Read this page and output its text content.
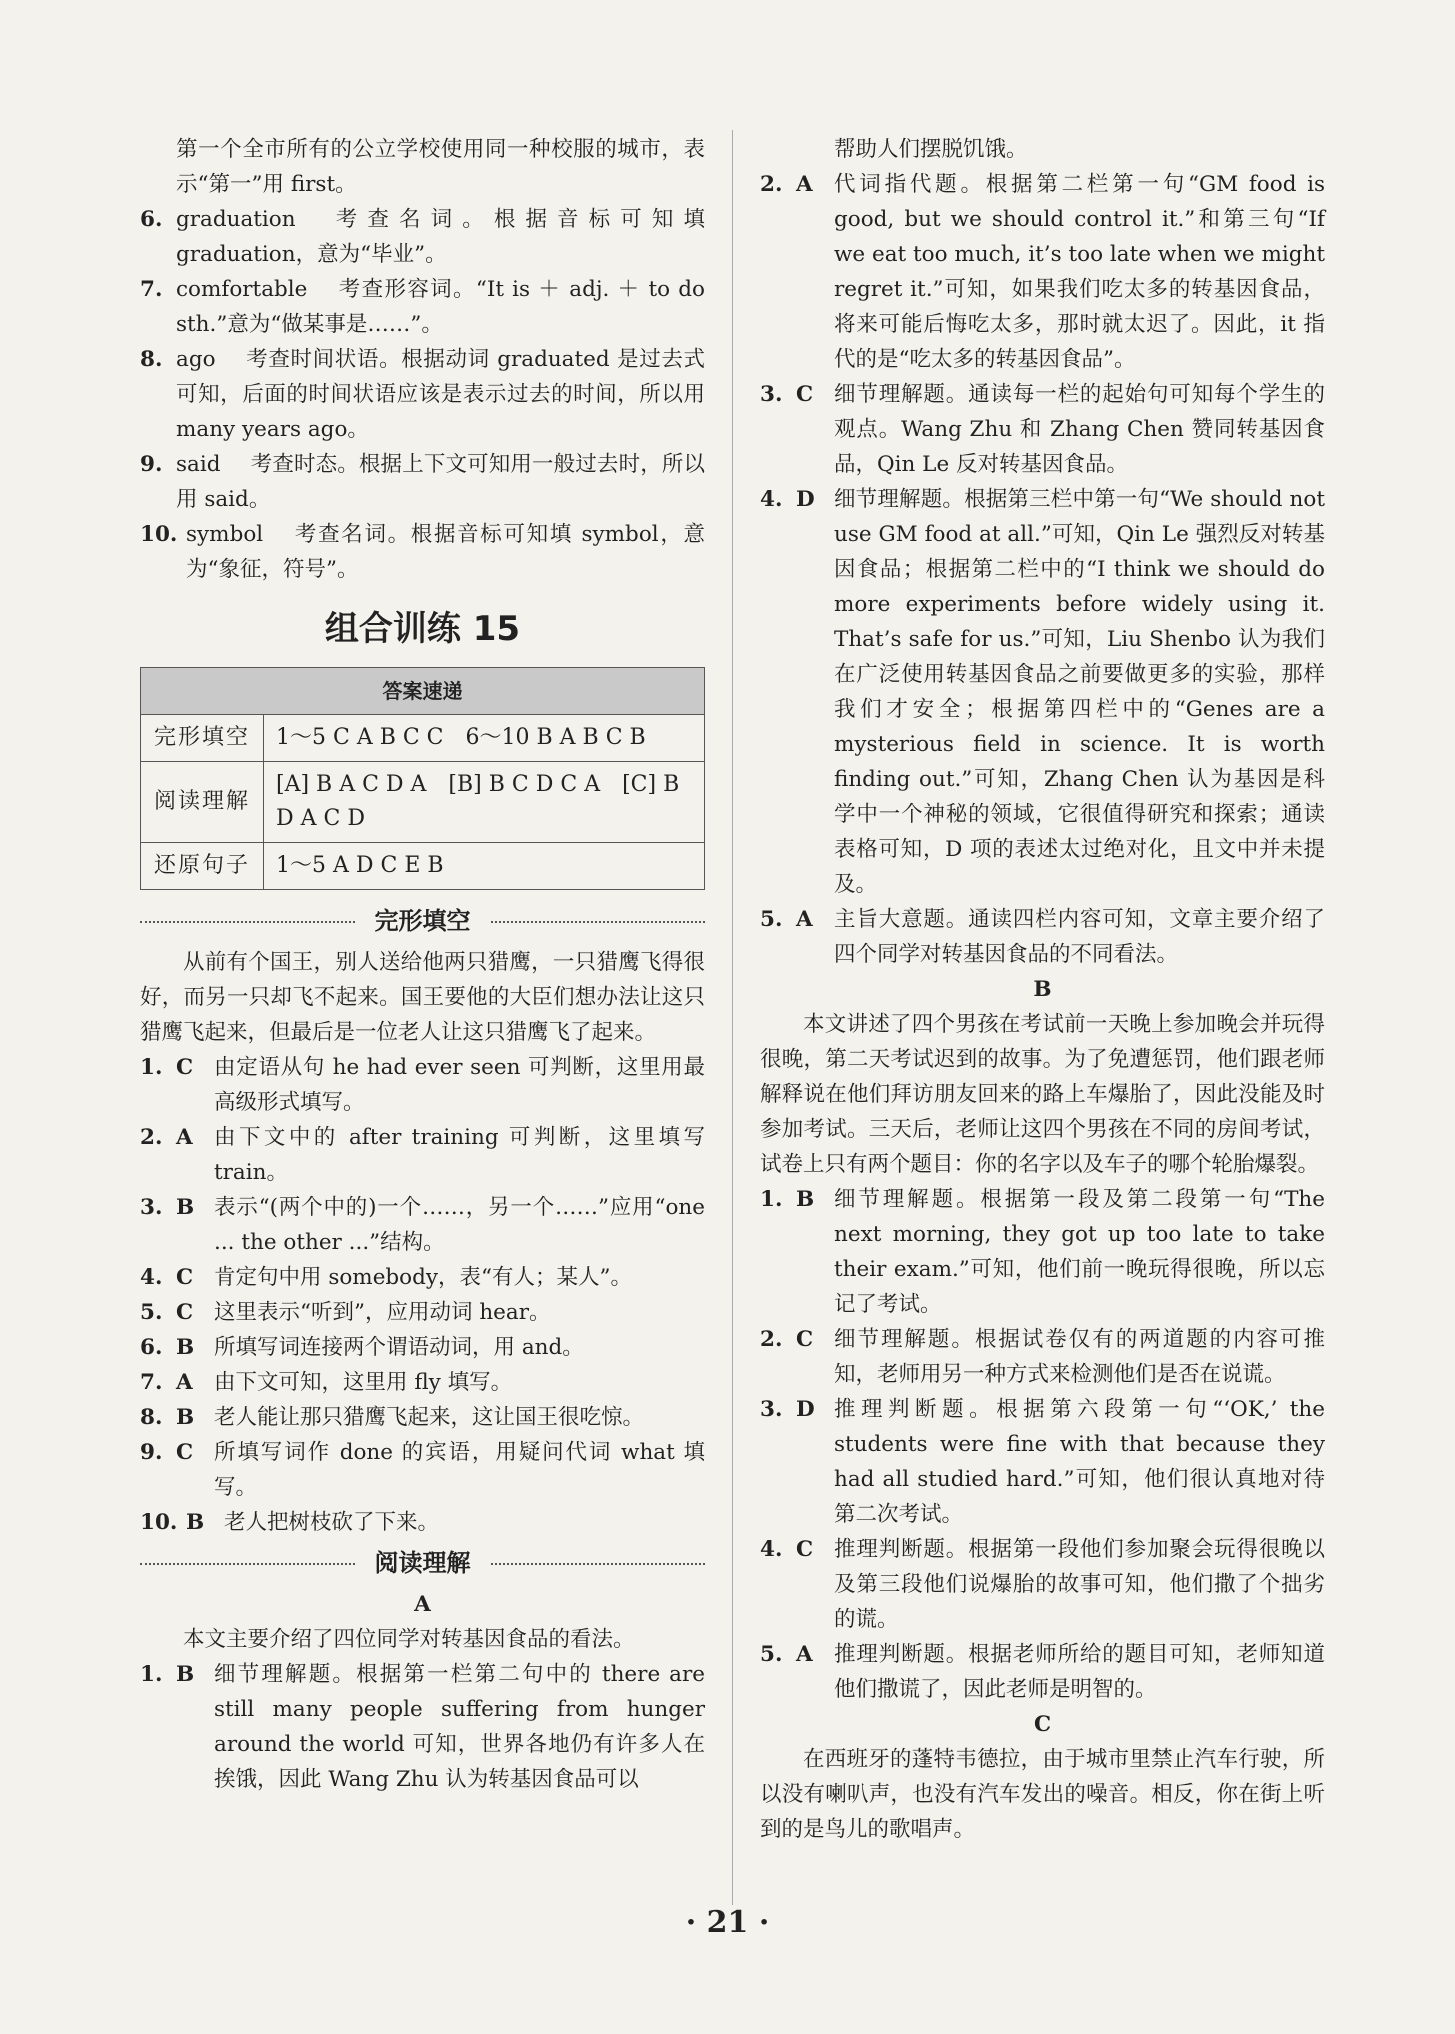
第一个全市所有的公立学校使用同一种校服的城市，表示“第一”用 first。

6. graduation 考查名词。根据音标可知填 graduation，意为“毕业”。
7. comfortable 考查形容词。“It is ＋ adj. ＋ to do sth.”意为“做某事是……”。
8. ago 考查时间状语。根据动词 graduated 是过去式可知，后面的时间状语应该是表示过去的时间，所以用 many years ago。
9. said 考查时态。根据上下文可知用一般过去时，所以用 said。
10. symbol 考查名词。根据音标可知填 symbol，意为“象征，符号”。
组合训练 15
答案速递	
完形填空	1～5 C A B C C　6～10 B A B C B
阅读理解	[A] B A C D A　[B] B C D C A　[C] B D A C D
还原句子	1～5 A D C E B
完形填空

从前有个国王，别人送给他两只猎鹰，一只猎鹰飞得很好，而另一只却飞不起来。国王要他的大臣们想办法让这只猎鹰飞起来，但最后是一位老人让这只猎鹰飞了起来。

1. C 由定语从句 he had ever seen 可判断，这里用最高级形式填写。
2. A 由下文中的 after training 可判断，这里填写 train。
3. B 表示“(两个中的)一个……，另一个……”应用“one ... the other ...”结构。
4. C 肯定句中用 somebody，表“有人；某人”。
5. C 这里表示“听到”，应用动词 hear。
6. B 所填写词连接两个谓语动词，用 and。
7. A 由下文可知，这里用 fly 填写。
8. B 老人能让那只猎鹰飞起来，这让国王很吃惊。
9. C 所填写词作 done 的宾语，用疑问代词 what 填写。
10. B 老人把树枝砍了下来。
阅读理解

A

本文主要介绍了四位同学对转基因食品的看法。

1. B 细节理解题。根据第一栏第二句中的 there are still many people suffering from hunger around the world 可知，世界各地仍有许多人在挨饿，因此 Wang Zhu 认为转基因食品可以

帮助人们摆脱饥饿。

2. A 代词指代题。根据第二栏第一句“GM food is good, but we should control it.”和第三句“If we eat too much, it’s too late when we might regret it.”可知，如果我们吃太多的转基因食品，将来可能后悔吃太多，那时就太迟了。因此，it 指代的是“吃太多的转基因食品”。
3. C 细节理解题。通读每一栏的起始句可知每个学生的观点。Wang Zhu 和 Zhang Chen 赞同转基因食品，Qin Le 反对转基因食品。
4. D 细节理解题。根据第三栏中第一句“We should not use GM food at all.”可知，Qin Le 强烈反对转基因食品；根据第二栏中的“I think we should do more experiments before widely using it. That’s safe for us.”可知，Liu Shenbo 认为我们在广泛使用转基因食品之前要做更多的实验，那样我们才安全；根据第四栏中的“Genes are a mysterious field in science. It is worth finding out.”可知，Zhang Chen 认为基因是科学中一个神秘的领域，它很值得研究和探索；通读表格可知，D 项的表述太过绝对化，且文中并未提及。
5. A 主旨大意题。通读四栏内容可知，文章主要介绍了四个同学对转基因食品的不同看法。

B

本文讲述了四个男孩在考试前一天晚上参加晚会并玩得很晚，第二天考试迟到的故事。为了免遭惩罚，他们跟老师解释说在他们拜访朋友回来的路上车爆胎了，因此没能及时参加考试。三天后，老师让这四个男孩在不同的房间考试，试卷上只有两个题目：你的名字以及车子的哪个轮胎爆裂。

1. B 细节理解题。根据第一段及第二段第一句“The next morning, they got up too late to take their exam.”可知，他们前一晚玩得很晚，所以忘记了考试。
2. C 细节理解题。根据试卷仅有的两道题的内容可推知，老师用另一种方式来检测他们是否在说谎。
3. D 推理判断题。根据第六段第一句“‘OK,’ the students were fine with that because they had all studied hard.”可知，他们很认真地对待第二次考试。
4. C 推理判断题。根据第一段他们参加聚会玩得很晚以及第三段他们说爆胎的故事可知，他们撒了个拙劣的谎。
5. A 推理判断题。根据老师所给的题目可知，老师知道他们撒谎了，因此老师是明智的。

C

在西班牙的蓬特韦德拉，由于城市里禁止汽车行驶，所以没有喇叭声，也没有汽车发出的噪音。相反，你在街上听到的是鸟儿的歌唱声。

· 21 ·
